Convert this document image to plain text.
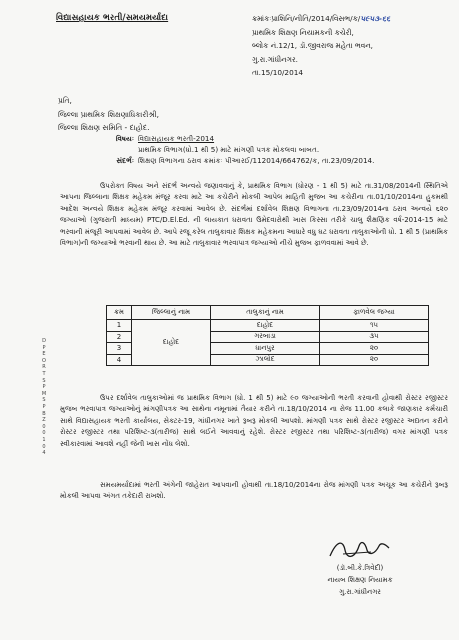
વિદ્યાસહાયક ભરતી/સમયમર્યાદા	ક્રમાંકઃપ્રાશિનિ/નીતિ/2014/વિસભ/ક/૫૯૫૩-૬૬
પ્રાથમિક શિક્ષણ નિયામકની કચેરી,
બ્લોક નં.12/1, ડૉ.જીવરાજ મહેતા ભવન,
ગુ.રા.ગાંધીનગર.
તા.15/10/2014
પ્રતિ,
જિલ્લા પ્રાથમિક શિક્ષણાધિકારીશ્રી,
જિલ્લા શિક્ષણ સમિતિ - દાહોદ.
વિષયઃ વિદ્યાસહાયક ભરતી-2014
પ્રાથમિક વિભાગ(ધો.1 થી 5) માટે માંગણી પત્રક મોકલવા બાબત.
સંદર્ભઃ શિક્ષણ વિભાગના ઠરાવ ક્રમાંકઃ પીઆરઈ/112014/664762/ક, તા.23/09/2014.

ઉપરોક્ત વિષય અને સંદર્ભ અન્વયે જણાવવાનું કે, પ્રાથમિક વિભાગ (ધોરણ - 1 થી 5) માટે તા.31/08/2014ની સ્થિતિએ આપના જિલ્લાના શિક્ષક મહેકમ મંજૂર કરવા માટે આ કચેરીને મોકલી આપેલ માહિતી મુજબ આ કચેરીના તા.01/10/2014ના હુકમથી આદેશ અન્વયે શિક્ષક મહેકમ મંજૂર કરવામાં આવેલ છે. સંદર્ભમાં દર્શાવેલ શિક્ષણ વિભાગના તા.23/09/2014ના ઠરાવ અન્વયે ૬૨૦ જગ્યાઓ (ગુજરાતી માધ્યમ) PTC/D.El.Ed. ની લાયકાત ધરાવતા ઉમેદવારોથી ખાસ કિસ્સા તરીકે ચાલુ શૈક્ષણિક વર્ષ-2014-15 માટે ભરવાની મંજૂરી આપવામાં આવેલ છે. આપે રજૂ કરેલ તાલુકાવાર શિક્ષક મહેકમના આધારે વધુ ઘટ ધરાવતા તાલુકાઓની ધો. 1 થી 5 (પ્રાથમિક વિભાગ)ની જગ્યાઓ ભરવાની થાય છે. આ માટે તાલુકાવાર ભરવાપાત્ર જગ્યાઓ નીચે મુજબ ફાળવવામાં આવે છે.

ક્રમ	જિલ્લાનું નામ	તાલુકાનું નામ	ફાળવેલ જગ્યા
1	દાહોદ	દાહોદ	૧૫
2		ગરબાડા	૩૫
3		ધાનપુર	૨૦
4		ઝાલોદ	૨૦
D
P
E
O
R
T
S
P
M
S
P
B
Z
0
0
1
0
4

ઉપર દર્શાવેલ તાલુકાઓમાં જ પ્રાથમિક વિભાગ (ધો. 1 થી 5) માટે ૯૦ જગ્યાઓની ભરતી કરવાની હોવાથી રોસ્ટર રજીસ્ટર મુજબ ભરવાપાત્ર જગ્યાઓનું માંગણીપત્રક આ સાથેના નમૂનામાં તૈયાર કરીને તા.18/10/2014 ના રોજ 11.00 કલાકે જાણકાર કર્મચારી સાથે વિદ્યાસહાયક ભરતી કાર્યાલય, સેક્ટર-19, ગાંધીનગર ખાતે રૂબરૂ મોકલી આપશો. માંગણી પત્રક સાથે રોસ્ટર રજીસ્ટર અદ્યતન કરીને રોસ્ટર રજીસ્ટર તથા પરિશિષ્ટ-૩(તારીજ) સાથે લઈને આવવાનું રહેશે. રોસ્ટર રજીસ્ટર તથા પરિશિષ્ટ-૩(તારીજ) વગર માંગણી પત્રક સ્વીકારવામાં આવશે નહીં જેની ખાસ નોંધ લેશો.

સમયમર્યાદામાં ભરતી અંગેની જાહેરાત આપવાની હોવાથી તા.18/10/2014ના રોજ માંગણી પત્રક અચૂક આ કચેરીને રૂબરૂ મોકલી આપવા અંગત તકેદારી રાખશો.

(ડૉ.બી.કે.ત્રિવેદી)
નાયબ શિક્ષણ નિયામક
ગુ.રા.ગાંધીનગર
